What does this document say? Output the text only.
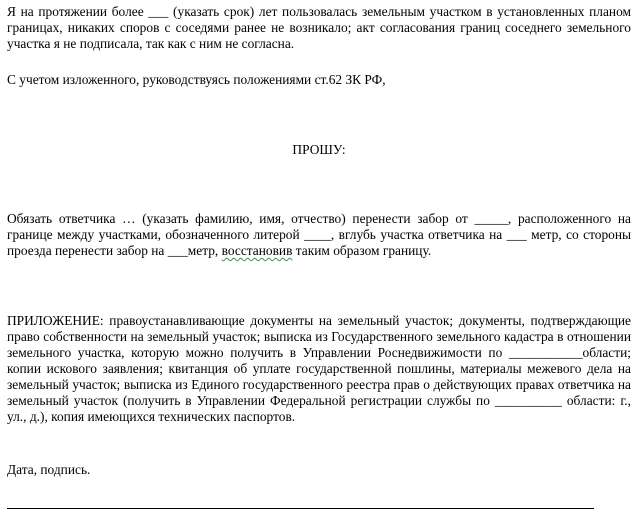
Я на протяжении более ___ (указать срок) лет пользовалась земельным участком в установленных планом границах, никаких споров с соседями ранее не возникало; акт согласования границ соседнего земельного участка я не подписала, так как с ним не согласна.

С учетом изложенного, руководствуясь положениями ст.62 ЗК РФ,

ПРОШУ:

Обязать ответчика … (указать фамилию, имя, отчество) перенести забор от _____, расположенного на границе между участками, обозначенного литерой ____, вглубь участка ответчика на ___ метр, со стороны проезда перенести забор на ___метр, восстановив таким образом границу.

ПРИЛОЖЕНИЕ: правоустанавливающие документы на земельный участок; документы, подтверждающие право собственности на земельный участок; выписка из Государственного земельного кадастра в отношении земельного участка, которую можно получить в Управлении Роснедвижимости по ___________области; копии искового заявления; квитанция об уплате государственной пошлины, материалы межевого дела на земельный участок; выписка из Единого государственного реестра прав о действующих правах ответчика на земельный участок (получить в Управлении Федеральной регистрации службы по __________ области: г., ул., д.), копия имеющихся технических паспортов.

Дата, подпись.
